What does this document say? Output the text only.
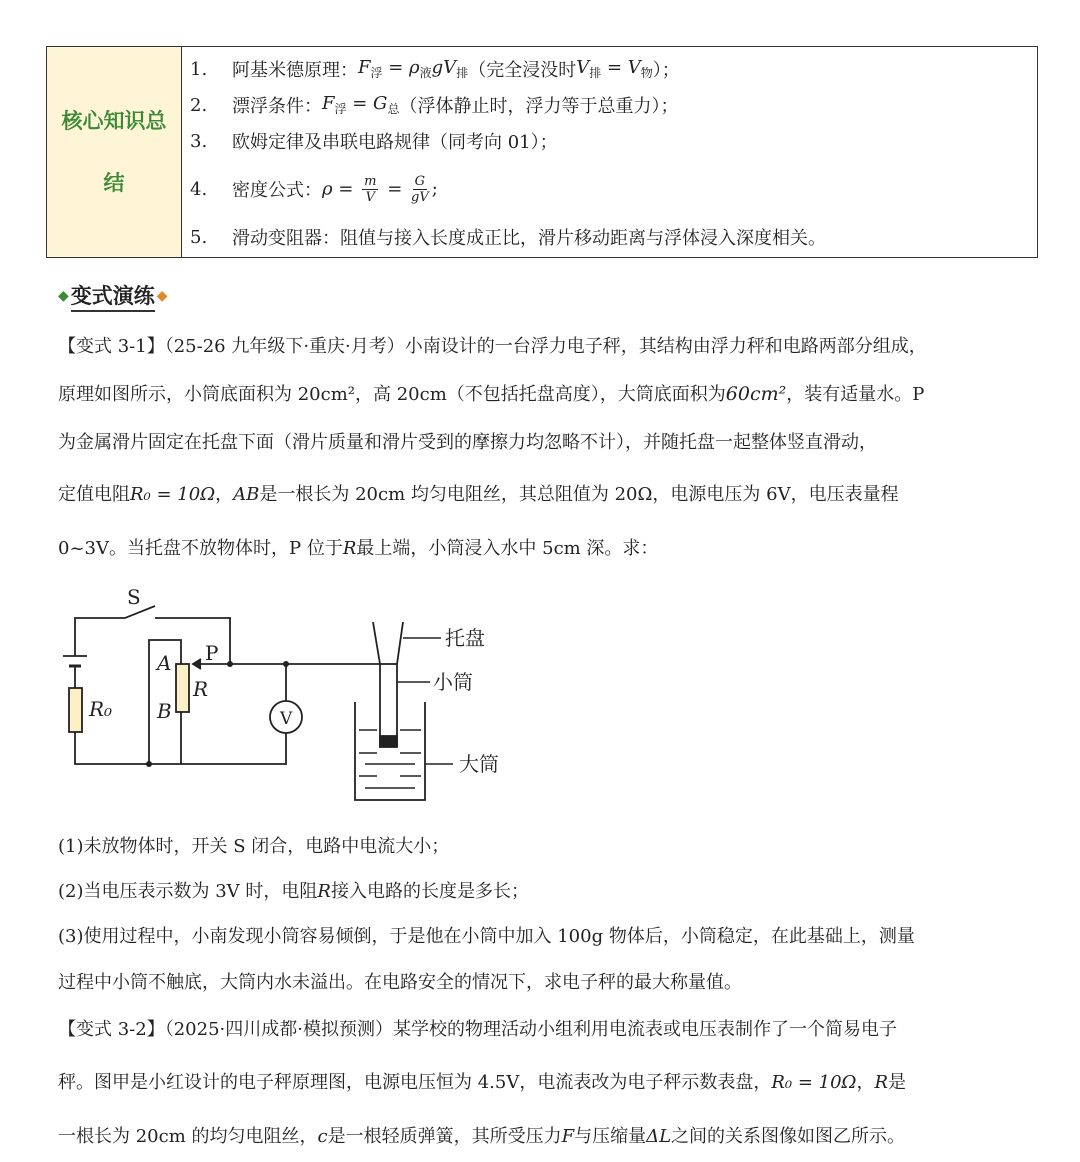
核心知识总
结
1.	阿基米德原理： $F_浮 = \rho_液gV_排$ （完全浸没时 $V_排 = V_物$ ）；
2.	漂浮条件： $F_浮 = G_总$ （浮体静止时，浮力等于总重力）；
3.	欧姆定律及串联电路规律（同考向 01）；
4.	密度公式： $\rho = \frac{m}{V} = \frac{G}{gV}$ ;
5.	滑动变阻器：阻值与接入长度成正比，滑片移动距离与浮体浸入深度相关。
◆ 变式演练 ◆
【变式 3-1】（25-26 九年级下·重庆·月考）小南设计的一台浮力电子秤，其结构由浮力秤和电路两部分组成，
原理如图所示，小筒底面积为 20cm²，高 20cm（不包括托盘高度），大筒底面积为60cm²，装有适量水。P
为金属滑片固定在托盘下面（滑片质量和滑片受到的摩擦力均忽略不计），并随托盘一起整体竖直滑动，
定值电阻R₀ = 10Ω，AB是一根长为 20cm 均匀电阻丝，其总阻值为 20Ω，电源电压为 6V，电压表量程
0~3V。当托盘不放物体时，P 位于R最上端，小筒浸入水中 5cm 深。求：
S
P
A
B
R
R₀	V
托盘
小筒
大筒
(1)未放物体时，开关 S 闭合，电路中电流大小；
(2)当电压表示数为 3V 时，电阻R接入电路的长度是多长；
(3)使用过程中，小南发现小筒容易倾倒，于是他在小筒中加入 100g 物体后，小筒稳定，在此基础上，测量
过程中小筒不触底，大筒内水未溢出。在电路安全的情况下，求电子秤的最大称量值。
【变式 3-2】（2025·四川成都·模拟预测）某学校的物理活动小组利用电流表或电压表制作了一个简易电子
秤。图甲是小红设计的电子秤原理图，电源电压恒为 4.5V，电流表改为电子秤示数表盘，R₀ = 10Ω，R是
一根长为 20cm 的均匀电阻丝，c是一根轻质弹簧，其所受压力F与压缩量ΔL之间的关系图像如图乙所示。
